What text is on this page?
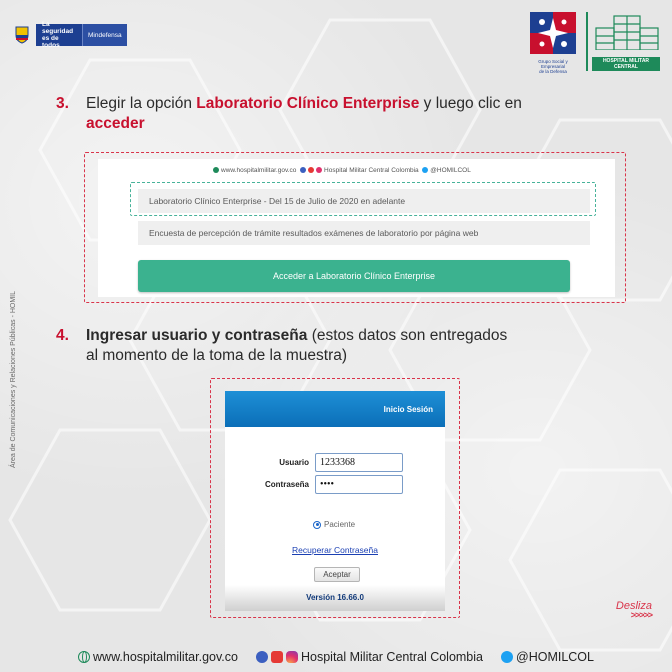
La seguridad
es de todos
Mindefensa
Grupo Social y Empresarial
de la Defensa
HOSPITAL MILITAR CENTRAL
Área de Comunicaciones y Relaciones Públicas - HOMIL
3. Elegir la opción Laboratorio Clínico Enterprise y luego clic en
acceder
www.hospitalmilitar.gov.co	Hospital Militar Central Colombia @HOMILCOL
Laboratorio Clínico Enterprise - Del 15 de Julio de 2020 en adelante
Encuesta de percepción de trámite resultados exámenes de laboratorio por página web
Acceder a Laboratorio Clínico Enterprise
4. Ingresar usuario y contraseña (estos datos son entregados
al momento de la toma de la muestra)
Inicio Sesión
Usuario	1233368
Contraseña	••••
Paciente
Recuperar Contraseña
Aceptar
Versión 16.66.0
Desliza
>>>>>
www.hospitalmilitar.gov.co	Hospital Militar Central Colombia	@HOMILCOL
